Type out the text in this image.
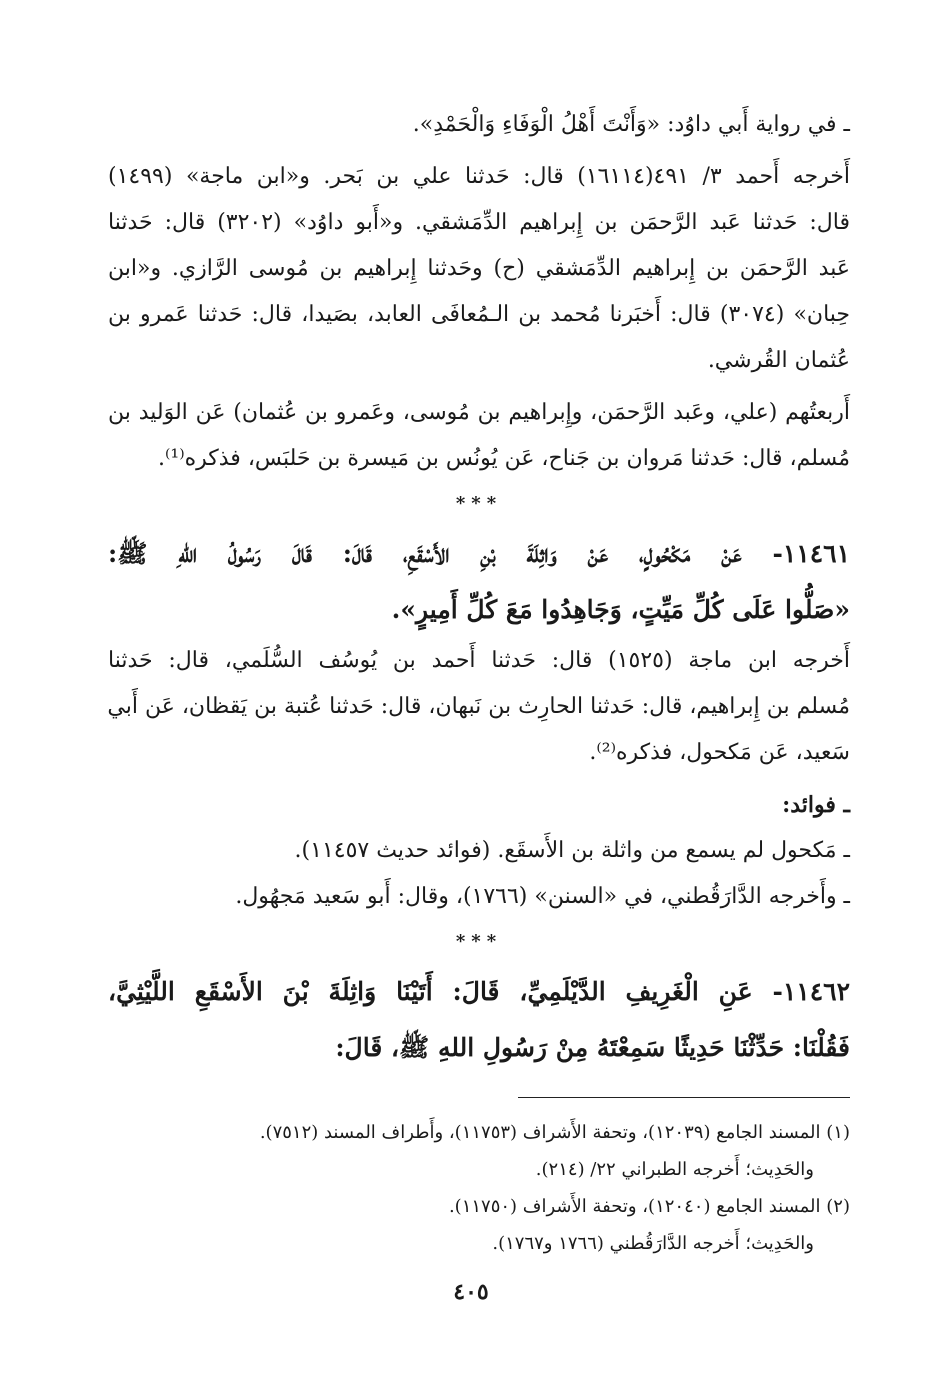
ـ في رواية أَبي داوُد: «وَأَنْتَ أَهْلُ الْوَفَاءِ وَالْحَمْدِ».
أَخرجه أَحمد ٣/ ٤٩١(١٦١١٤) قال: حَدثنا علي بن بَحر. و«ابن ماجة» (١٤٩٩)
قال: حَدثنا عَبد الرَّحمَن بن إِبراهيم الدِّمَشقي. و«أَبو داوُد» (٣٢٠٢) قال: حَدثنا
عَبد الرَّحمَن بن إِبراهيم الدِّمَشقي (ح) وحَدثنا إِبراهيم بن مُوسى الرَّازي. و«ابن
حِبان» (٣٠٧٤) قال: أَخبَرنا مُحمد بن الـمُعافَى العابد، بصَيدا، قال: حَدثنا عَمرو بن
عُثمان القُرشي.
أَربعتُهم (علي، وعَبد الرَّحمَن، وإِبراهيم بن مُوسى، وعَمرو بن عُثمان) عَن الوَليد بن
مُسلم، قال: حَدثنا مَروان بن جَناح، عَن يُونُس بن مَيسرة بن حَلبَس، فذكره⁽¹⁾.
***
١١٤٦١- عَنْ مَكْحُولٍ، عَنْ وَاثِلَةَ بْنِ الأَسْقَعِ، قَالَ: قَالَ رَسُولُ اللهِ ﷺ:
«صَلُّوا عَلَى كُلِّ مَيِّتٍ، وَجَاهِدُوا مَعَ كُلِّ أَمِيرٍ».
أَخرجه ابن ماجة (١٥٢٥) قال: حَدثنا أَحمد بن يُوسُف السُّلَمي، قال: حَدثنا
مُسلم بن إِبراهيم، قال: حَدثنا الحارِث بن نَبهان، قال: حَدثنا عُتبة بن يَقظان، عَن أَبي
سَعيد، عَن مَكحول، فذكره⁽²⁾.
ـ فوائد:
ـ مَكحول لم يسمع من واثلة بن الأَسقَع. (فوائد حديث ١١٤٥٧).
ـ وأَخرجه الدَّارَقُطني، في «السنن» (١٧٦٦)، وقال: أَبو سَعيد مَجهُول.
***
١١٤٦٢- عَنِ الْغَرِيفِ الدَّيْلَمِيِّ، قَالَ: أَتَيْنَا وَاثِلَةَ بْنَ الأَسْقَعِ اللَّيْثِيَّ،
فَقُلْنَا: حَدِّثْنَا حَدِيثًا سَمِعْتَهُ مِنْ رَسُولِ اللهِ ﷺ، قَالَ:
(١) المسند الجامع (١٢٠٣٩)، وتحفة الأَشراف (١١٧٥٣)، وأَطراف المسند (٧٥١٢).
والحَدِيث؛ أَخرجه الطبراني ٢٢/ (٢١٤).
(٢) المسند الجامع (١٢٠٤٠)، وتحفة الأَشراف (١١٧٥٠).
والحَدِيث؛ أَخرجه الدَّارَقُطني (١٧٦٦ و١٧٦٧).
٤٠٥
